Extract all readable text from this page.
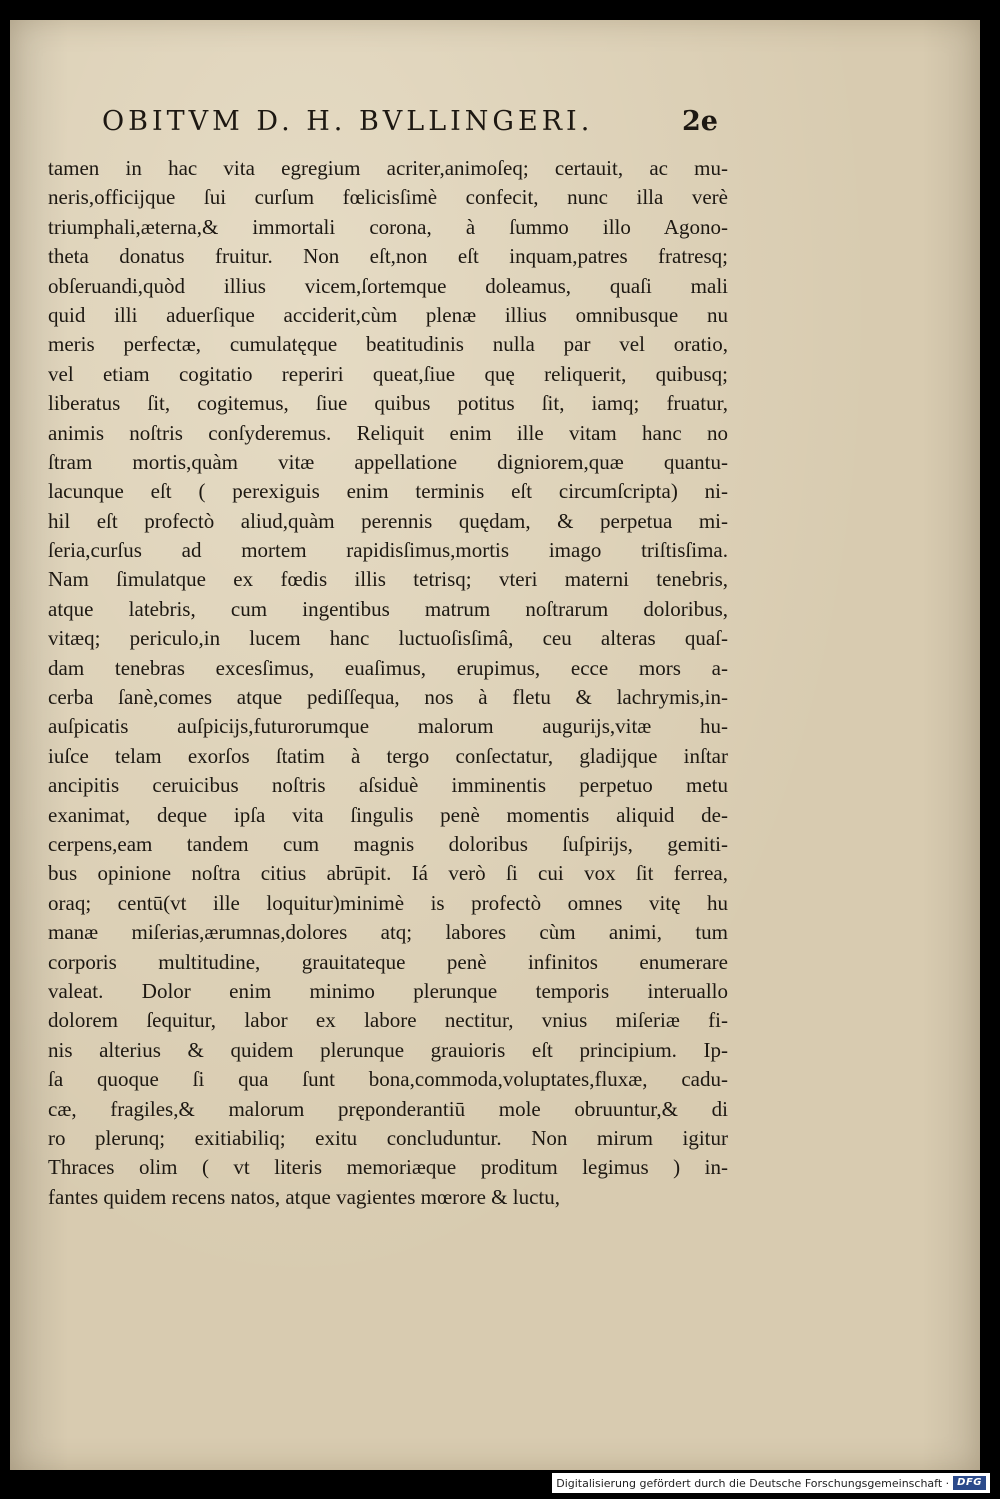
OBITVM D. H. BVLLINGERI.	2e
tamen in hac vita egregium acriter,animoſeq; certauit, ac mu-
neris,officijque ſui curſum fœlicisſimè confecit, nunc illa verè
triumphali,æterna,& immortali corona, à ſummo illo Agono-
theta donatus fruitur. Non eſt,non eſt inquam,patres fratresq;
obſeruandi,quòd illius vicem,ſortemque doleamus, quaſi mali
quid illi aduerſique acciderit,cùm plenæ illius omnibusque nu
meris perfectæ, cumulatęque beatitudinis nulla par vel oratio,
vel etiam cogitatio reperiri queat,ſiue quę reliquerit, quibusq;
liberatus ſit, cogitemus, ſiue quibus potitus ſit, iamq; fruatur,
animis noſtris conſyderemus. Reliquit enim ille vitam hanc no
ſtram mortis,quàm vitæ appellatione digniorem,quæ quantu-
lacunque eſt ( perexiguis enim terminis eſt circumſcripta) ni-
hil eſt profectò aliud,quàm perennis quędam, & perpetua mi-
ſeria,curſus ad mortem rapidisſimus,mortis imago triſtisſima.
Nam ſimulatque ex fœdis illis tetrisq; vteri materni tenebris,
atque latebris, cum ingentibus matrum noſtrarum doloribus,
vitæq; periculo,in lucem hanc luctuoſisſimâ, ceu alteras quaſ-
dam tenebras excesſimus, euaſimus, erupimus, ecce mors a-
cerba ſanè,comes atque pediſſequa, nos à fletu & lachrymis,in-
auſpicatis auſpicijs,futurorumque malorum augurijs,vitæ hu-
iuſce telam exorſos ſtatim à tergo conſectatur, gladijque inſtar
ancipitis ceruicibus noſtris aſsiduè imminentis perpetuo metu
exanimat, deque ipſa vita ſingulis penè momentis aliquid de-
cerpens,eam tandem cum magnis doloribus ſuſpirijs, gemiti-
bus opinione noſtra citius abrūpit. Iá verò ſi cui vox ſit ferrea,
oraq; centū(vt ille loquitur)minimè is profectò omnes vitę hu
manæ miſerias,ærumnas,dolores atq; labores cùm animi, tum
corporis multitudine, grauitateque penè infinitos enumerare
valeat. Dolor enim minimo plerunque temporis interuallo
dolorem ſequitur, labor ex labore nectitur, vnius miſeriæ fi-
nis alterius & quidem plerunque grauioris eſt principium. Ip-
ſa quoque ſi qua ſunt bona,commoda,voluptates,fluxæ, cadu-
cæ, fragiles,& malorum pręponderantiū mole obruuntur,& di
ro plerunq; exitiabiliq; exitu concluduntur. Non mirum igitur
Thraces olim ( vt literis memoriæque proditum legimus ) in-
fantes quidem recens natos, atque vagientes mœrore & luctu,
Digitalisierung gefördert durch die Deutsche Forschungsgemeinschaft · DFG
